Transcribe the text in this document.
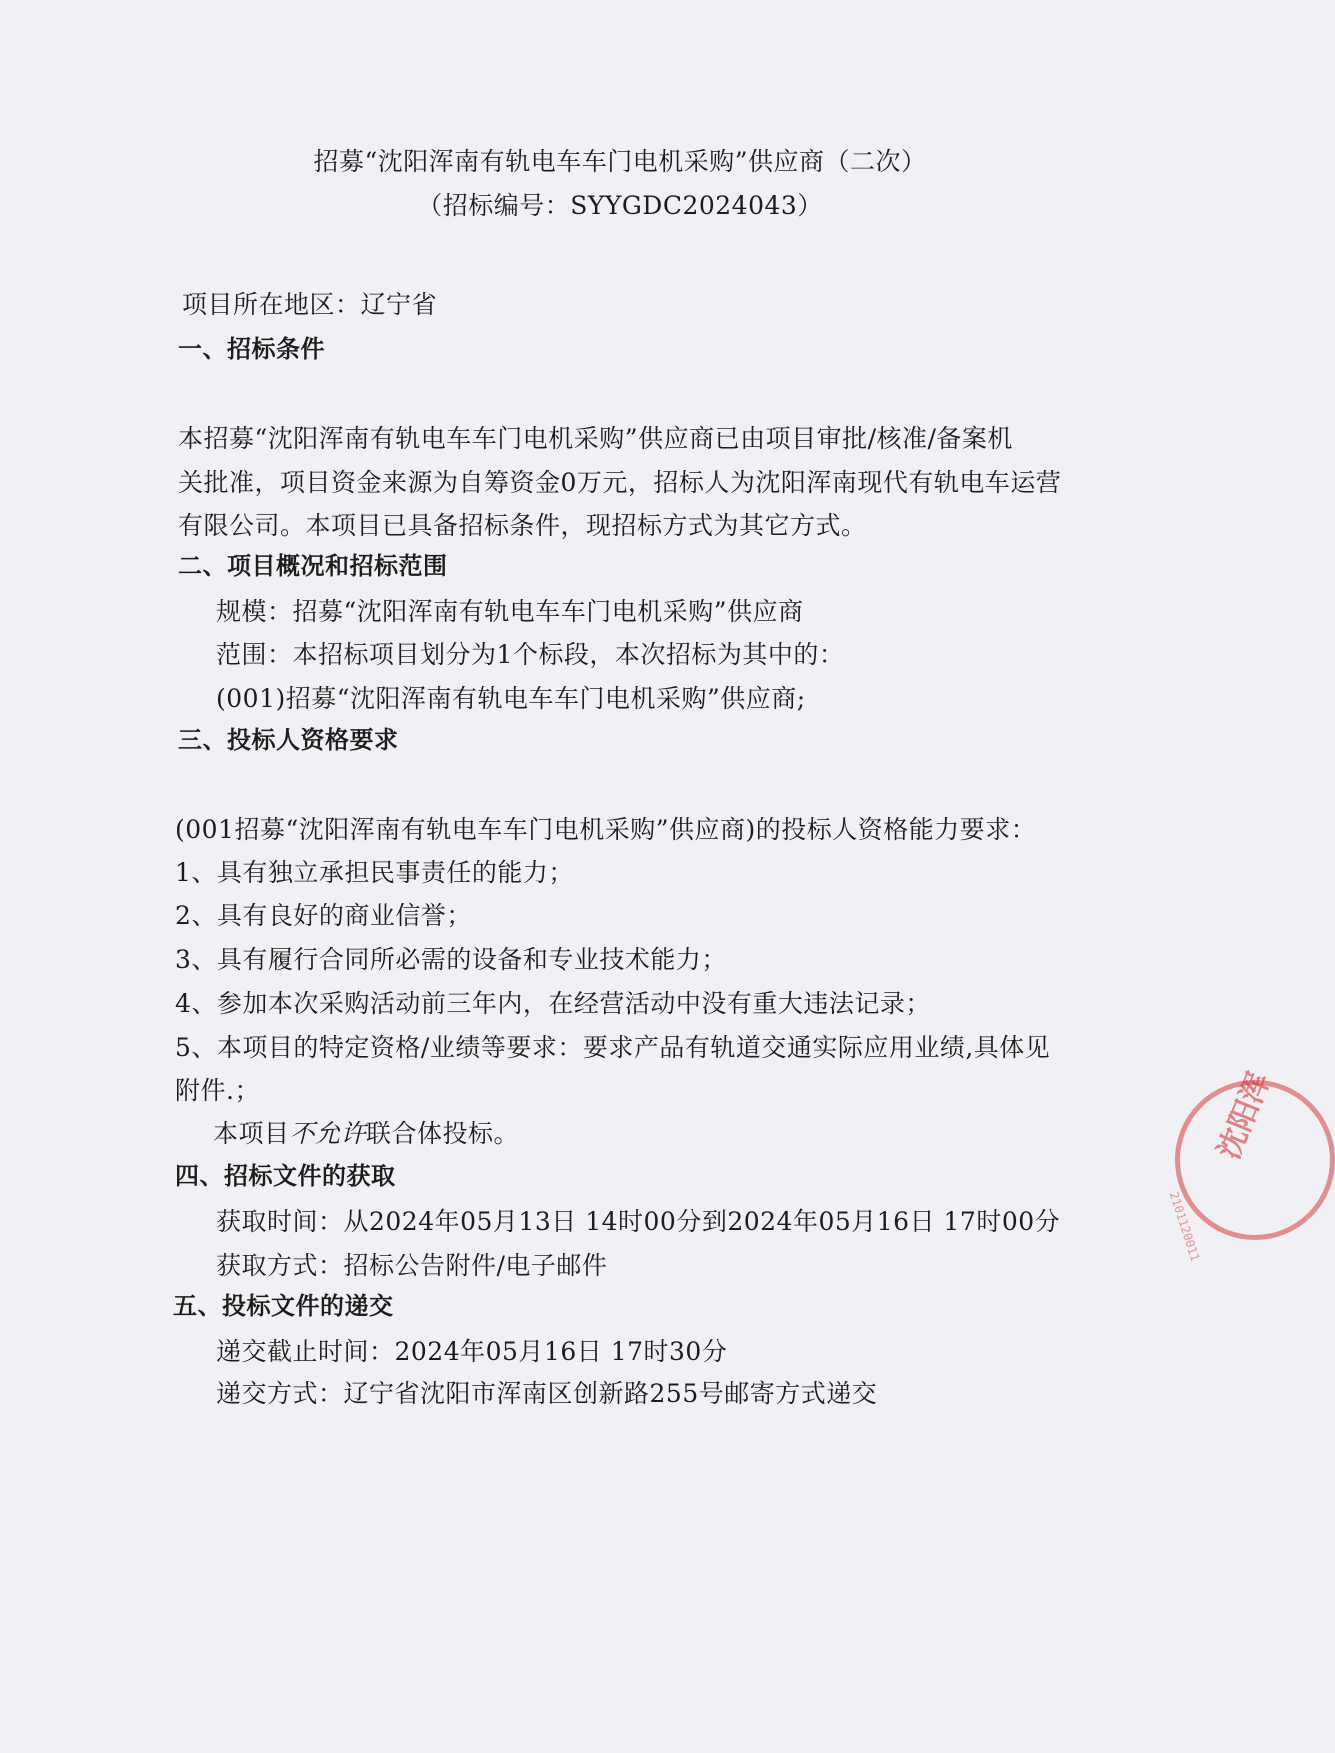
招募“沈阳浑南有轨电车车门电机采购”供应商（二次）
（招标编号：SYYGDC2024043）
项目所在地区：辽宁省
一、招标条件
本招募“沈阳浑南有轨电车车门电机采购”供应商已由项目审批/核准/备案机
关批准，项目资金来源为自筹资金0万元，招标人为沈阳浑南现代有轨电车运营
有限公司。本项目已具备招标条件，现招标方式为其它方式。
二、项目概况和招标范围
规模：招募“沈阳浑南有轨电车车门电机采购”供应商
范围：本招标项目划分为1个标段，本次招标为其中的：
(001)招募“沈阳浑南有轨电车车门电机采购”供应商;
三、投标人资格要求
(001招募“沈阳浑南有轨电车车门电机采购”供应商)的投标人资格能力要求：
1、具有独立承担民事责任的能力；
2、具有良好的商业信誉；
3、具有履行合同所必需的设备和专业技术能力；
4、参加本次采购活动前三年内，在经营活动中没有重大违法记录；
5、本项目的特定资格/业绩等要求：要求产品有轨道交通实际应用业绩,具体见
附件.；
本项目不允许联合体投标。
四、招标文件的获取
获取时间：从2024年05月13日 14时00分到2024年05月16日 17时00分
获取方式：招标公告附件/电子邮件
五、投标文件的递交
递交截止时间：2024年05月16日 17时30分
递交方式：辽宁省沈阳市浑南区创新路255号邮寄方式递交
沈阳浑
2101120011
